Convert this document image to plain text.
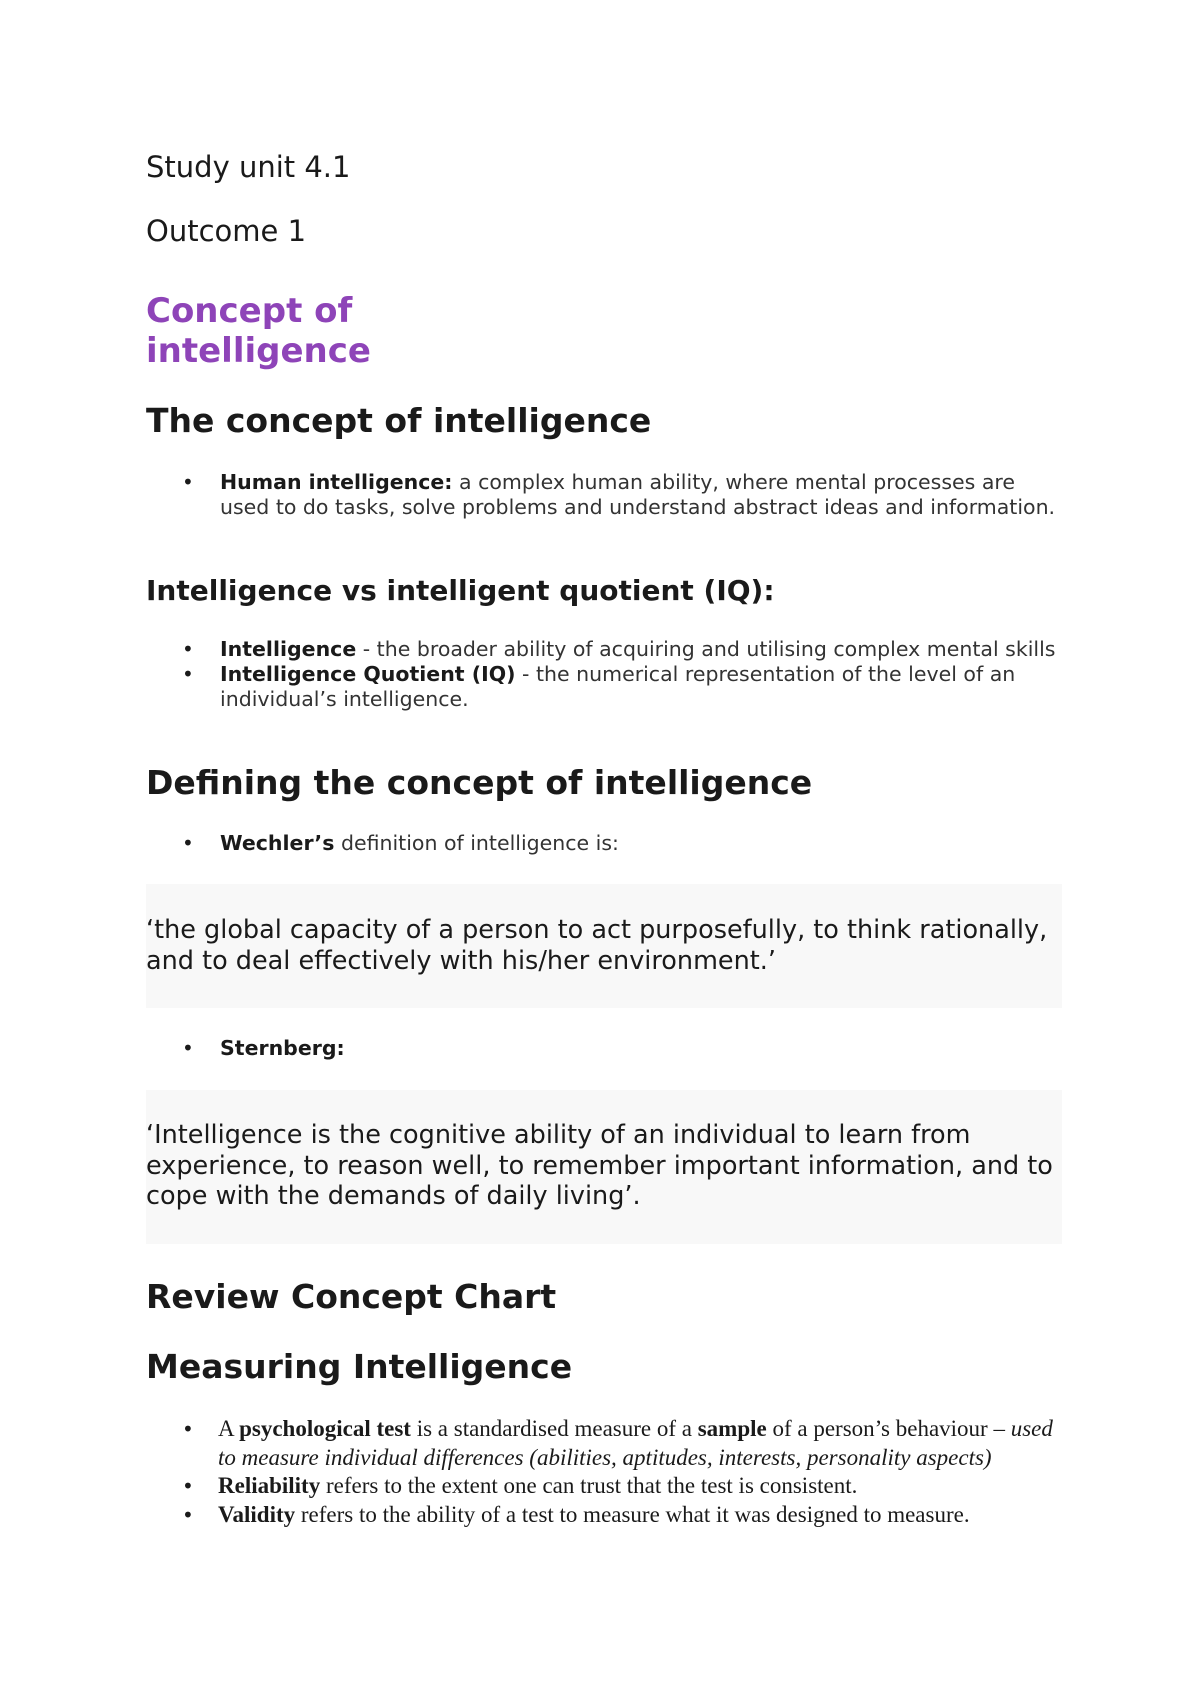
Study unit 4.1
Outcome 1
Concept of
intelligence
The concept of intelligence
• Human intelligence: a complex human ability, where mental processes are used to do tasks, solve problems and understand abstract ideas and information.
Intelligence vs intelligent quotient (IQ):
• Intelligence - the broader ability of acquiring and utilising complex mental skills
• Intelligence Quotient (IQ) - the numerical representation of the level of an individual’s intelligence.
Defining the concept of intelligence
• Wechler’s definition of intelligence is:
‘the global capacity of a person to act purposefully, to think rationally, and to deal effectively with his/her environment.’
• Sternberg:
‘Intelligence is the cognitive ability of an individual to learn from experience, to reason well, to remember important information, and to cope with the demands of daily living’.
Review Concept Chart
Measuring Intelligence
• A psychological test is a standardised measure of a sample of a person’s behaviour – used to measure individual differences (abilities, aptitudes, interests, personality aspects)
• Reliability refers to the extent one can trust that the test is consistent.
• Validity refers to the ability of a test to measure what it was designed to measure.
